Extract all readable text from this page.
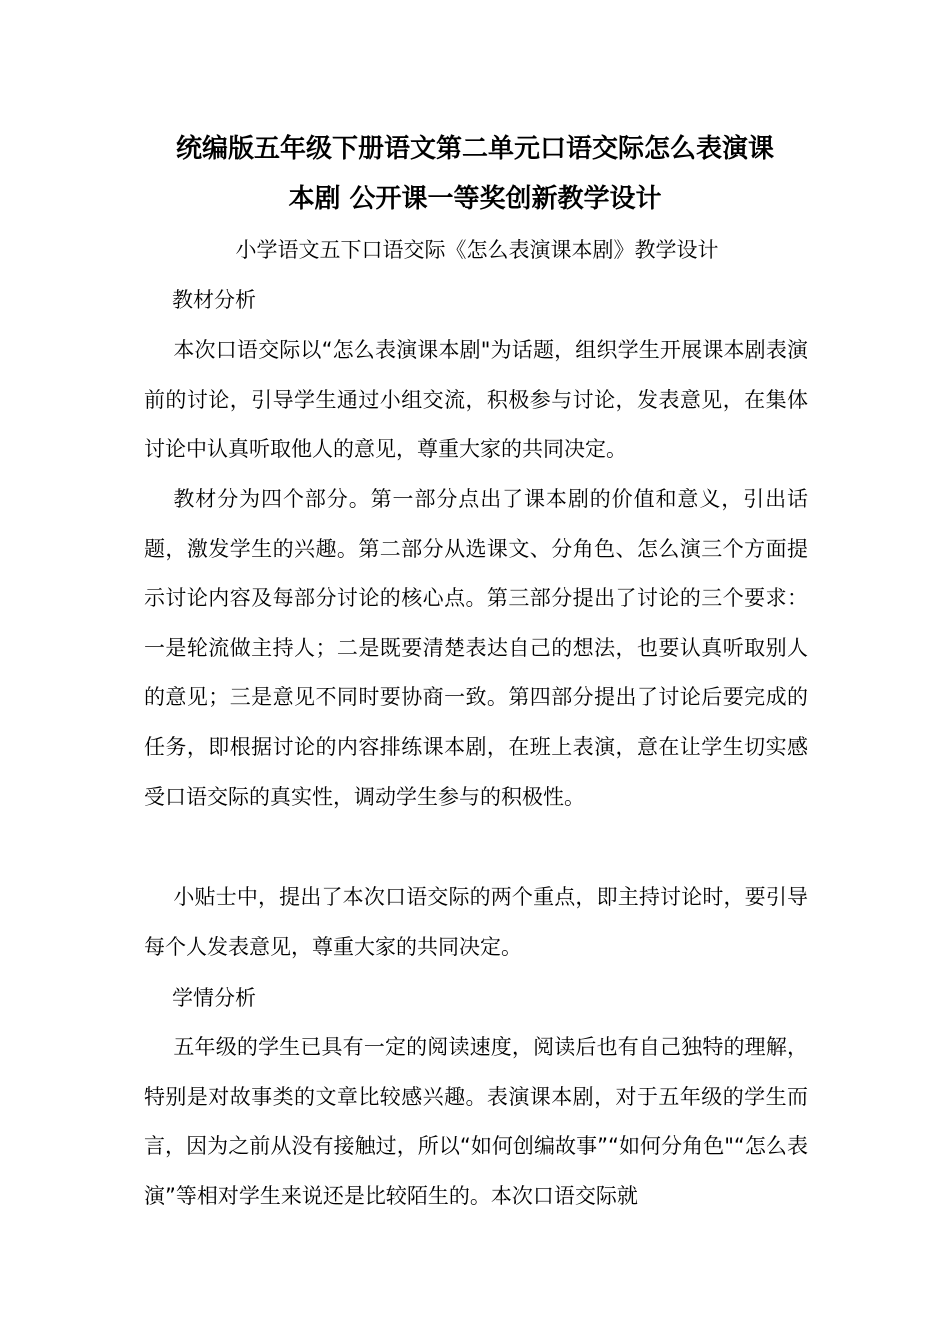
统编版五年级下册语文第二单元口语交际怎么表演课
本剧 公开课一等奖创新教学设计
小学语文五下口语交际《怎么表演课本剧》教学设计
教材分析
本次口语交际以“怎么表演课本剧"为话题，组织学生开展课本剧表演前的讨论，引导学生通过小组交流，积极参与讨论，发表意见，在集体讨论中认真听取他人的意见，尊重大家的共同决定。
教材分为四个部分。第一部分点出了课本剧的价值和意义，引出话题，激发学生的兴趣。第二部分从选课文、分角色、怎么演三个方面提示讨论内容及每部分讨论的核心点。第三部分提出了讨论的三个要求：一是轮流做主持人；二是既要清楚表达自己的想法，也要认真听取别人的意见；三是意见不同时要协商一致。第四部分提出了讨论后要完成的任务，即根据讨论的内容排练课本剧，在班上表演，意在让学生切实感受口语交际的真实性，调动学生参与的积极性。
小贴士中，提出了本次口语交际的两个重点，即主持讨论时，要引导每个人发表意见，尊重大家的共同决定。
学情分析
五年级的学生已具有一定的阅读速度，阅读后也有自己独特的理解，特别是对故事类的文章比较感兴趣。表演课本剧，对于五年级的学生而言，因为之前从没有接触过，所以“如何创编故事”“如何分角色"“怎么表演”等相对学生来说还是比较陌生的。本次口语交际就
